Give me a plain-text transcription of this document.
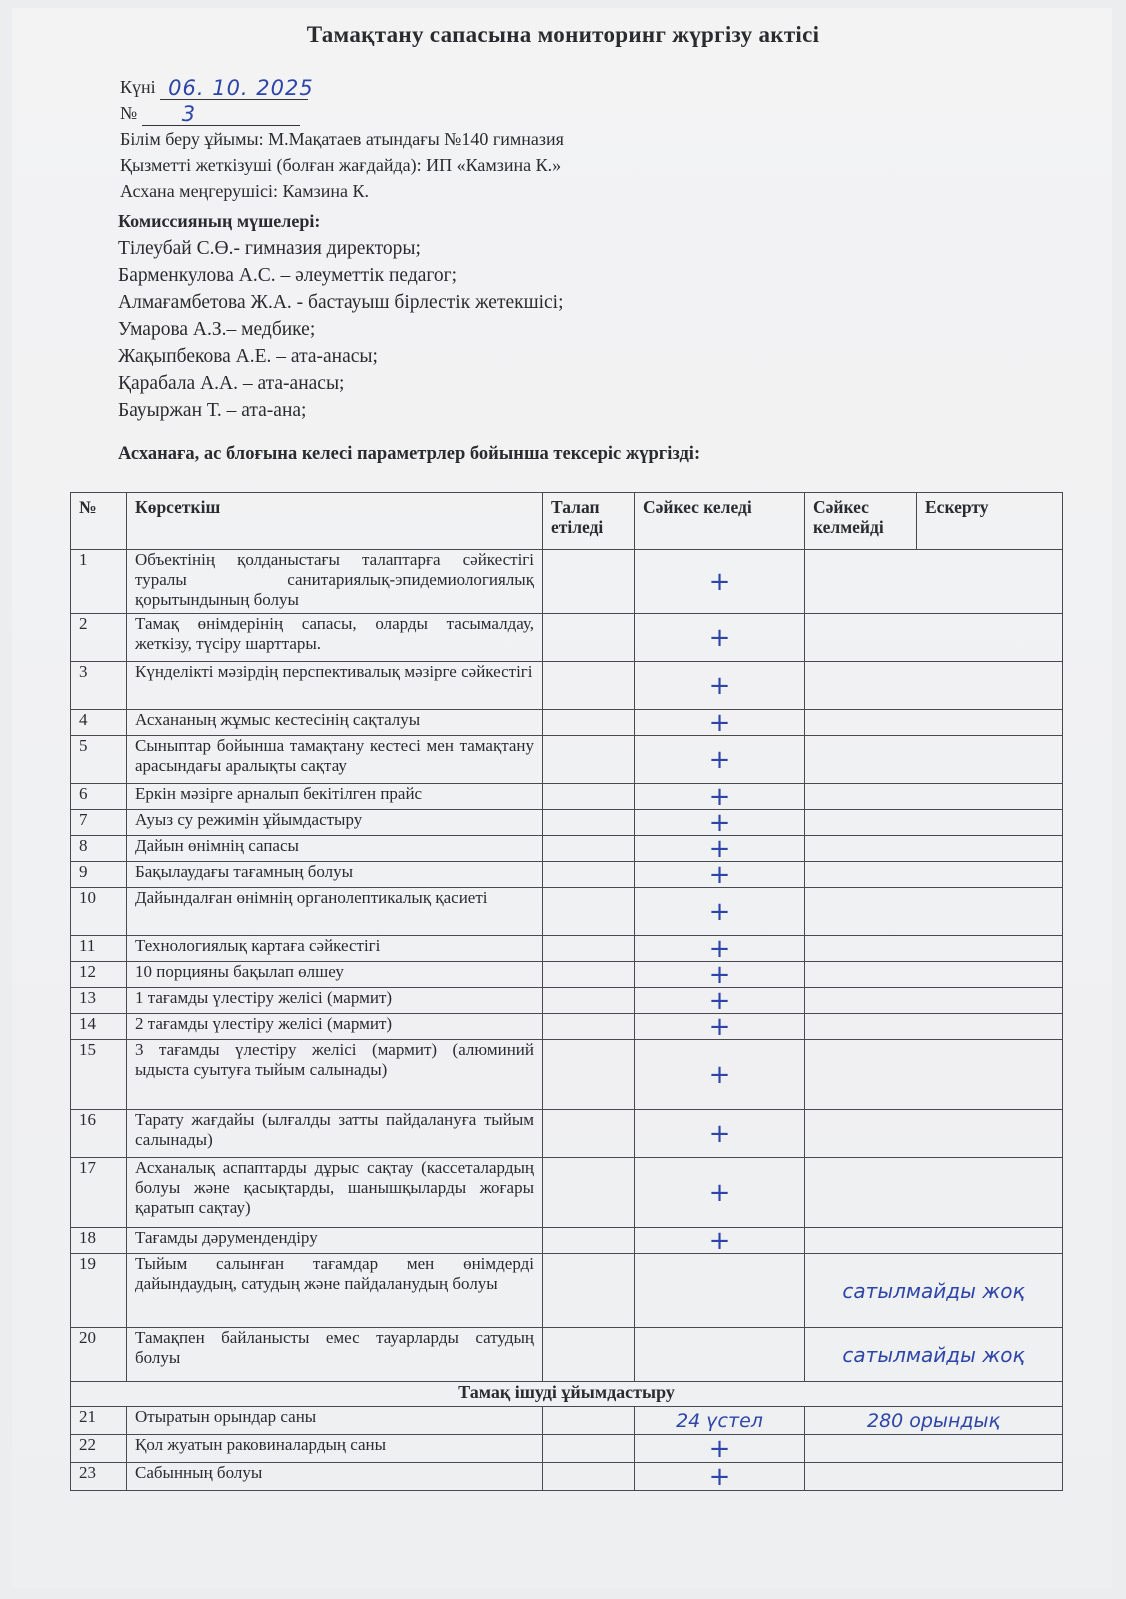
Тамақтану сапасына мониторинг жүргізу актісі
Күні 06. 10. 2025
№ 3
Білім беру ұйымы: М.Мақатаев атындағы №140 гимназия
Қызметті жеткізуші (болған жағдайда): ИП «Камзина К.»
Асхана меңгерушісі: Камзина К.
Комиссияның мүшелері:
Тілеубай С.Ө.- гимназия директоры;
Барменкулова А.С. – әлеуметтік педагог;
Алмағамбетова Ж.А. - бастауыш бірлестік жетекшісі;
Умарова А.З.– медбике;
Жақыпбекова А.Е. – ата-анасы;
Қарабала А.А. – ата-анасы;
Бауыржан Т. – ата-ана;
Асханаға, ас блоғына келесі параметрлер бойынша тексеріс жүргізді:
№	Көрсеткіш	Талап етіледі	Сәйкес келеді	Сәйкес келмейді	Ескерту
1	Объектінің қолданыстағы талаптарға сәйкестігі туралы санитариялық-эпидемиологиялық қорытындының болуы		+		
2	Тамақ өнімдерінің сапасы, оларды тасымалдау, жеткізу, түсіру шарттары.		+		
3	Күнделікті мәзірдің перспективалық мәзірге сәйкестігі		+		
4	Асхананың жұмыс кестесінің сақталуы		+		
5	Сыныптар бойынша тамақтану кестесі мен тамақтану арасындағы аралықты сақтау		+		
6	Еркін мәзірге арналып бекітілген прайс		+		
7	Ауыз су режимін ұйымдастыру		+		
8	Дайын өнімнің сапасы		+		
9	Бақылаудағы тағамның болуы		+		
10	Дайындалған өнімнің органолептикалық қасиеті		+		
11	Технологиялық картаға сәйкестігі		+		
12	10 порцияны бақылап өлшеу		+		
13	1 тағамды үлестіру желісі (мармит)		+		
14	2 тағамды үлестіру желісі (мармит)		+		
15	3 тағамды үлестіру желісі (мармит) (алюминий ыдыста суытуға тыйым салынады)		+		
16	Тарату жағдайы (ылғалды затты пайдалануға тыйым салынады)		+		
17	Асханалық аспаптарды дұрыс сақтау (кассеталардың болуы және қасықтарды, шанышқыларды жоғары қаратып сақтау)		+		
18	Тағамды дәрумендендіру		+		
19	Тыйым салынған тағамдар мен өнімдерді дайындаудың, сатудың және пайдаланудың болуы			сатылмайды жоқ	
20	Тамақпен байланысты емес тауарларды сатудың болуы			сатылмайды жоқ	
Тамақ ішуді ұйымдастыру					
21	Отыратын орындар саны		24 үстел	280 орындық	
22	Қол жуатын раковиналардың саны		+		
23	Сабынның болуы		+		
